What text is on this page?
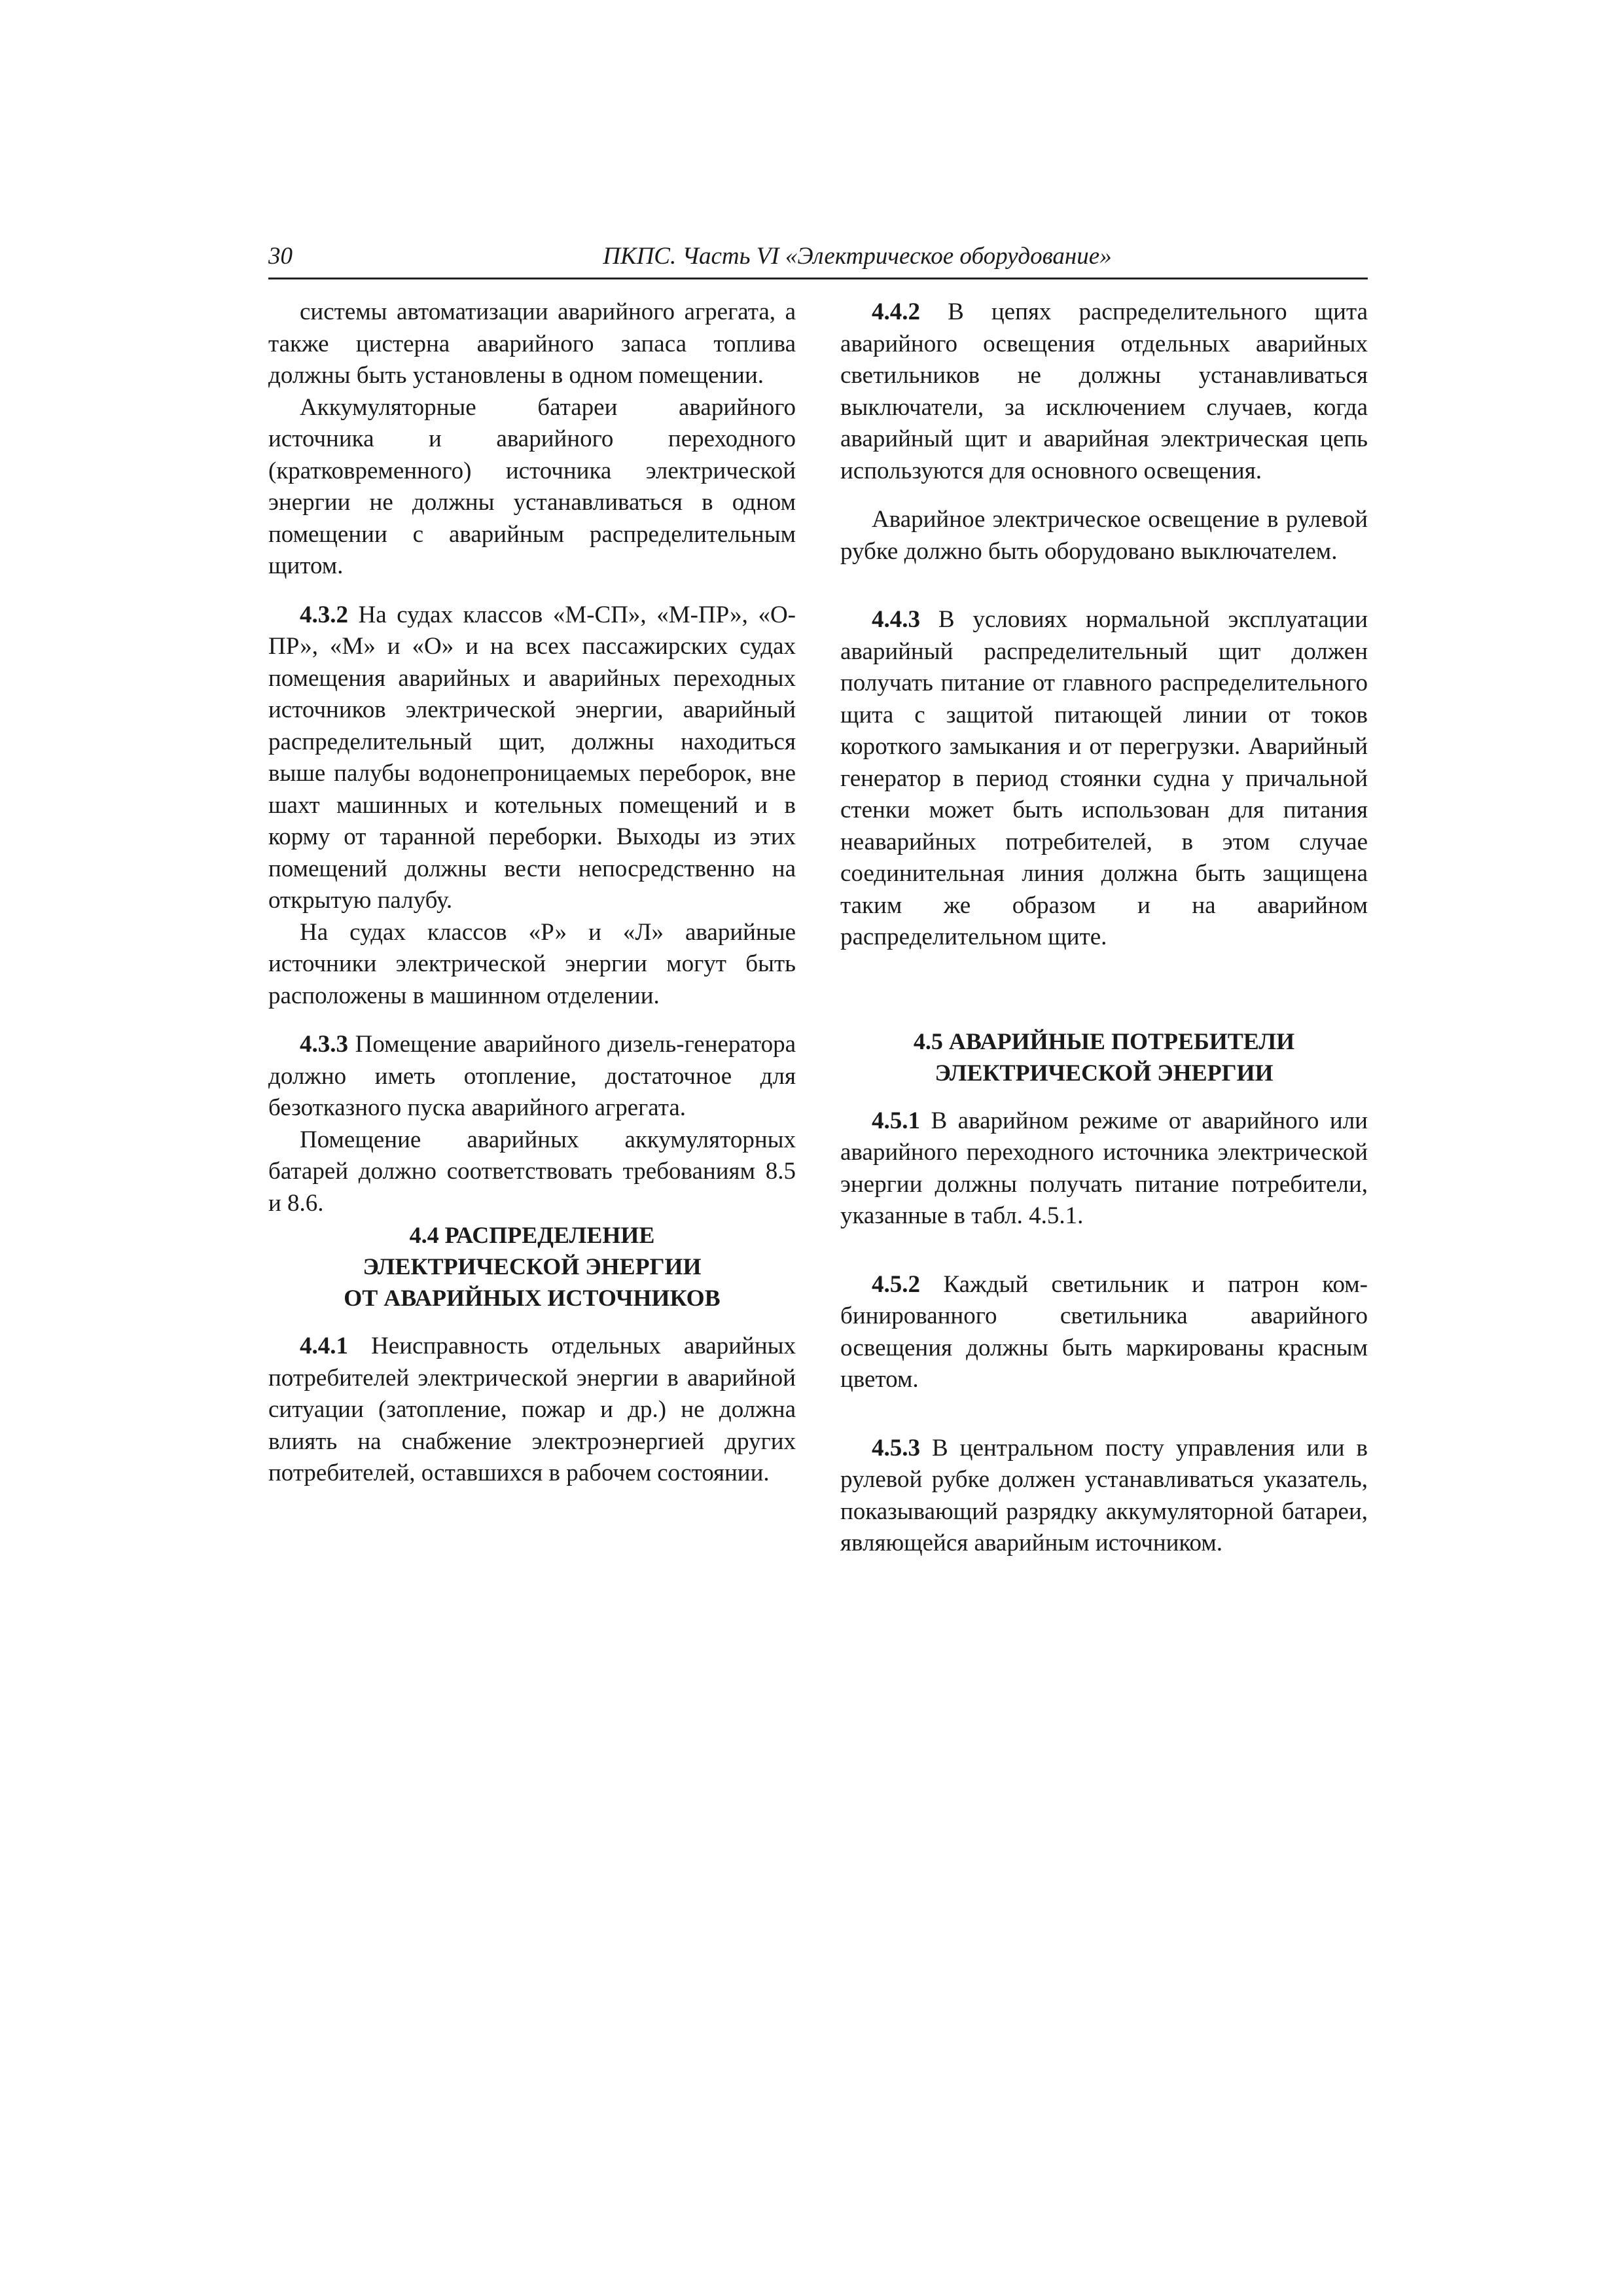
30	ПКПС. Часть VI «Электрическое оборудование»

системы автоматизации аварийного агрегата, а также цистерна аварийного запаса топлива должны быть установлены в одном помещении.

Аккумуляторные батареи аварийного источника и аварийного переходного (кратковременного) источника электрической энергии не должны устанавливаться в одном помещении с аварийным распределительным щитом.

4.3.2 На судах классов «М-СП», «М-ПР», «О-ПР», «М» и «О» и на всех пассажирских судах помещения аварийных и аварийных переходных источников электрической энергии, аварийный распределительный щит, должны находиться выше палубы водонепроницаемых переборок, вне шахт машинных и котельных помещений и в корму от таранной переборки. Выходы из этих помещений должны вести непосредственно на открытую палубу.

На судах классов «Р» и «Л» аварийные источники электрической энергии могут быть расположены в машинном отделении.

4.3.3 Помещение аварийного дизель-генератора должно иметь отопление, достаточное для безотказного пуска аварийного агрегата.

Помещение аварийных аккумуляторных батарей должно соответствовать требованиям 8.5 и 8.6.

4.4 РАСПРЕДЕЛЕНИЕ
ЭЛЕКТРИЧЕСКОЙ ЭНЕРГИИ
ОТ АВАРИЙНЫХ ИСТОЧНИКОВ

4.4.1 Неисправность отдельных аварийных потребителей электрической энергии в аварийной ситуации (затопление, пожар и др.) не должна влиять на снабжение электроэнергией других потребителей, оставшихся в рабочем состоянии.

4.4.2 В цепях распределительного щита аварийного освещения отдельных аварийных светильников не должны устанавливаться выключатели, за исключением случаев, когда аварийный щит и аварийная электрическая цепь используются для основного освещения.

Аварийное электрическое освещение в рулевой рубке должно быть оборудовано выключателем.

4.4.3 В условиях нормальной эксплуатации аварийный распределительный щит должен получать питание от главного распределительного щита с защитой питающей линии от токов короткого замыкания и от перегрузки. Аварийный генератор в период стоянки судна у причальной стенки может быть использован для питания неаварийных потребителей, в этом случае соединительная линия должна быть защищена таким же образом и на аварийном распределительном щите.

4.5 АВАРИЙНЫЕ ПОТРЕБИТЕЛИ
ЭЛЕКТРИЧЕСКОЙ ЭНЕРГИИ

4.5.1 В аварийном режиме от аварийного или аварийного переходного источника электрической энергии должны получать питание потребители, указанные в табл. 4.5.1.

4.5.2 Каждый светильник и патрон комбинированного светильника аварийного освещения должны быть маркированы красным цветом.

4.5.3 В центральном посту управления или в рулевой рубке должен устанавливаться указатель, показывающий разрядку аккумуляторной батареи, являющейся аварийным источником.
